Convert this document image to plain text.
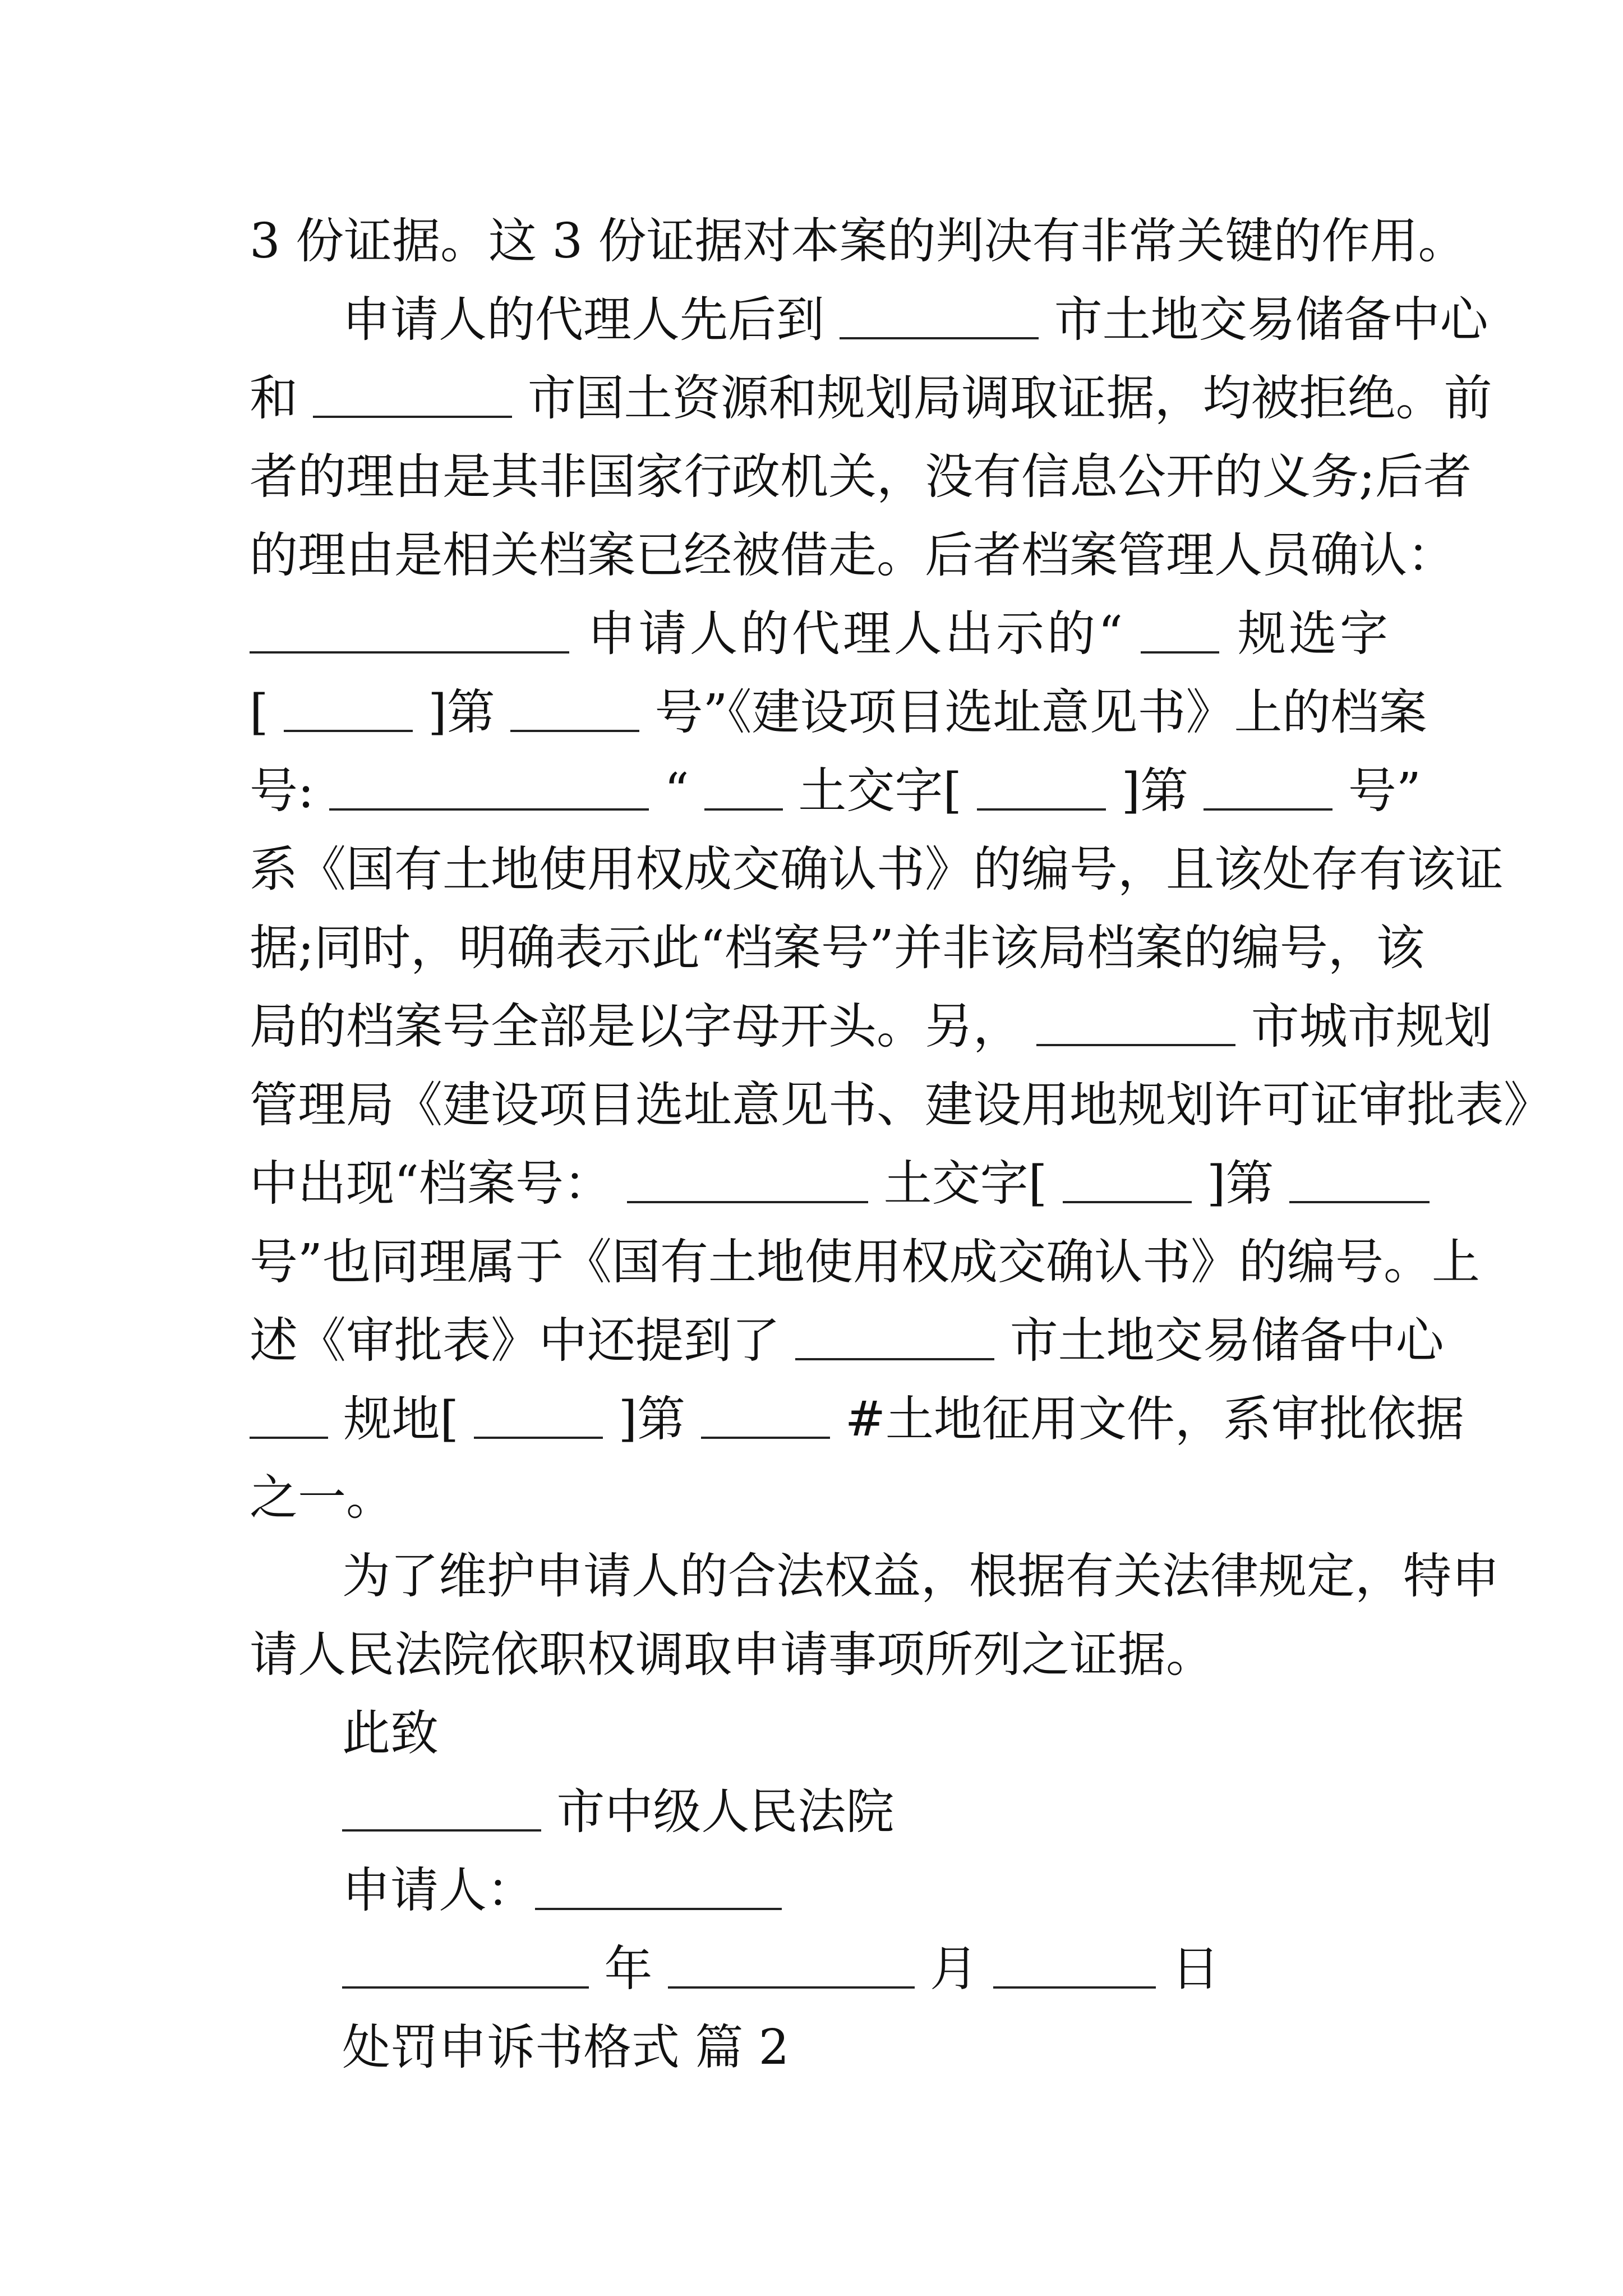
3 份证据。这 3 份证据对本案的判决有非常关键的作用。
申请人的代理人先后到	市土地交易储备中心
和	市国土资源和规划局调取证据，均被拒绝。前
者的理由是其非国家行政机关，没有信息公开的义务;后者
的理由是相关档案已经被借走。后者档案管理人员确认：
申请人的代理人出示的“ 规选字
[	]第	号”《建设项目选址意见书》上的档案
号:	“ 土交字[	]第	号”
系《国有土地使用权成交确认书》的编号，且该处存有该证
据;同时，明确表示此“档案号”并非该局档案的编号，该
局的档案号全部是以字母开头。另，	市城市规划
管理局《建设项目选址意见书、建设用地规划许可证审批表》
中出现“档案号：	土交字[	]第
号”也同理属于《国有土地使用权成交确认书》的编号。上
述《审批表》中还提到了	市土地交易储备中心
规地[	]第	#土地征用文件，系审批依据
之一。
为了维护申请人的合法权益，根据有关法律规定，特申
请人民法院依职权调取申请事项所列之证据。
此致
市中级人民法院
申请人：
年	月	日
处罚申诉书格式 篇 2
